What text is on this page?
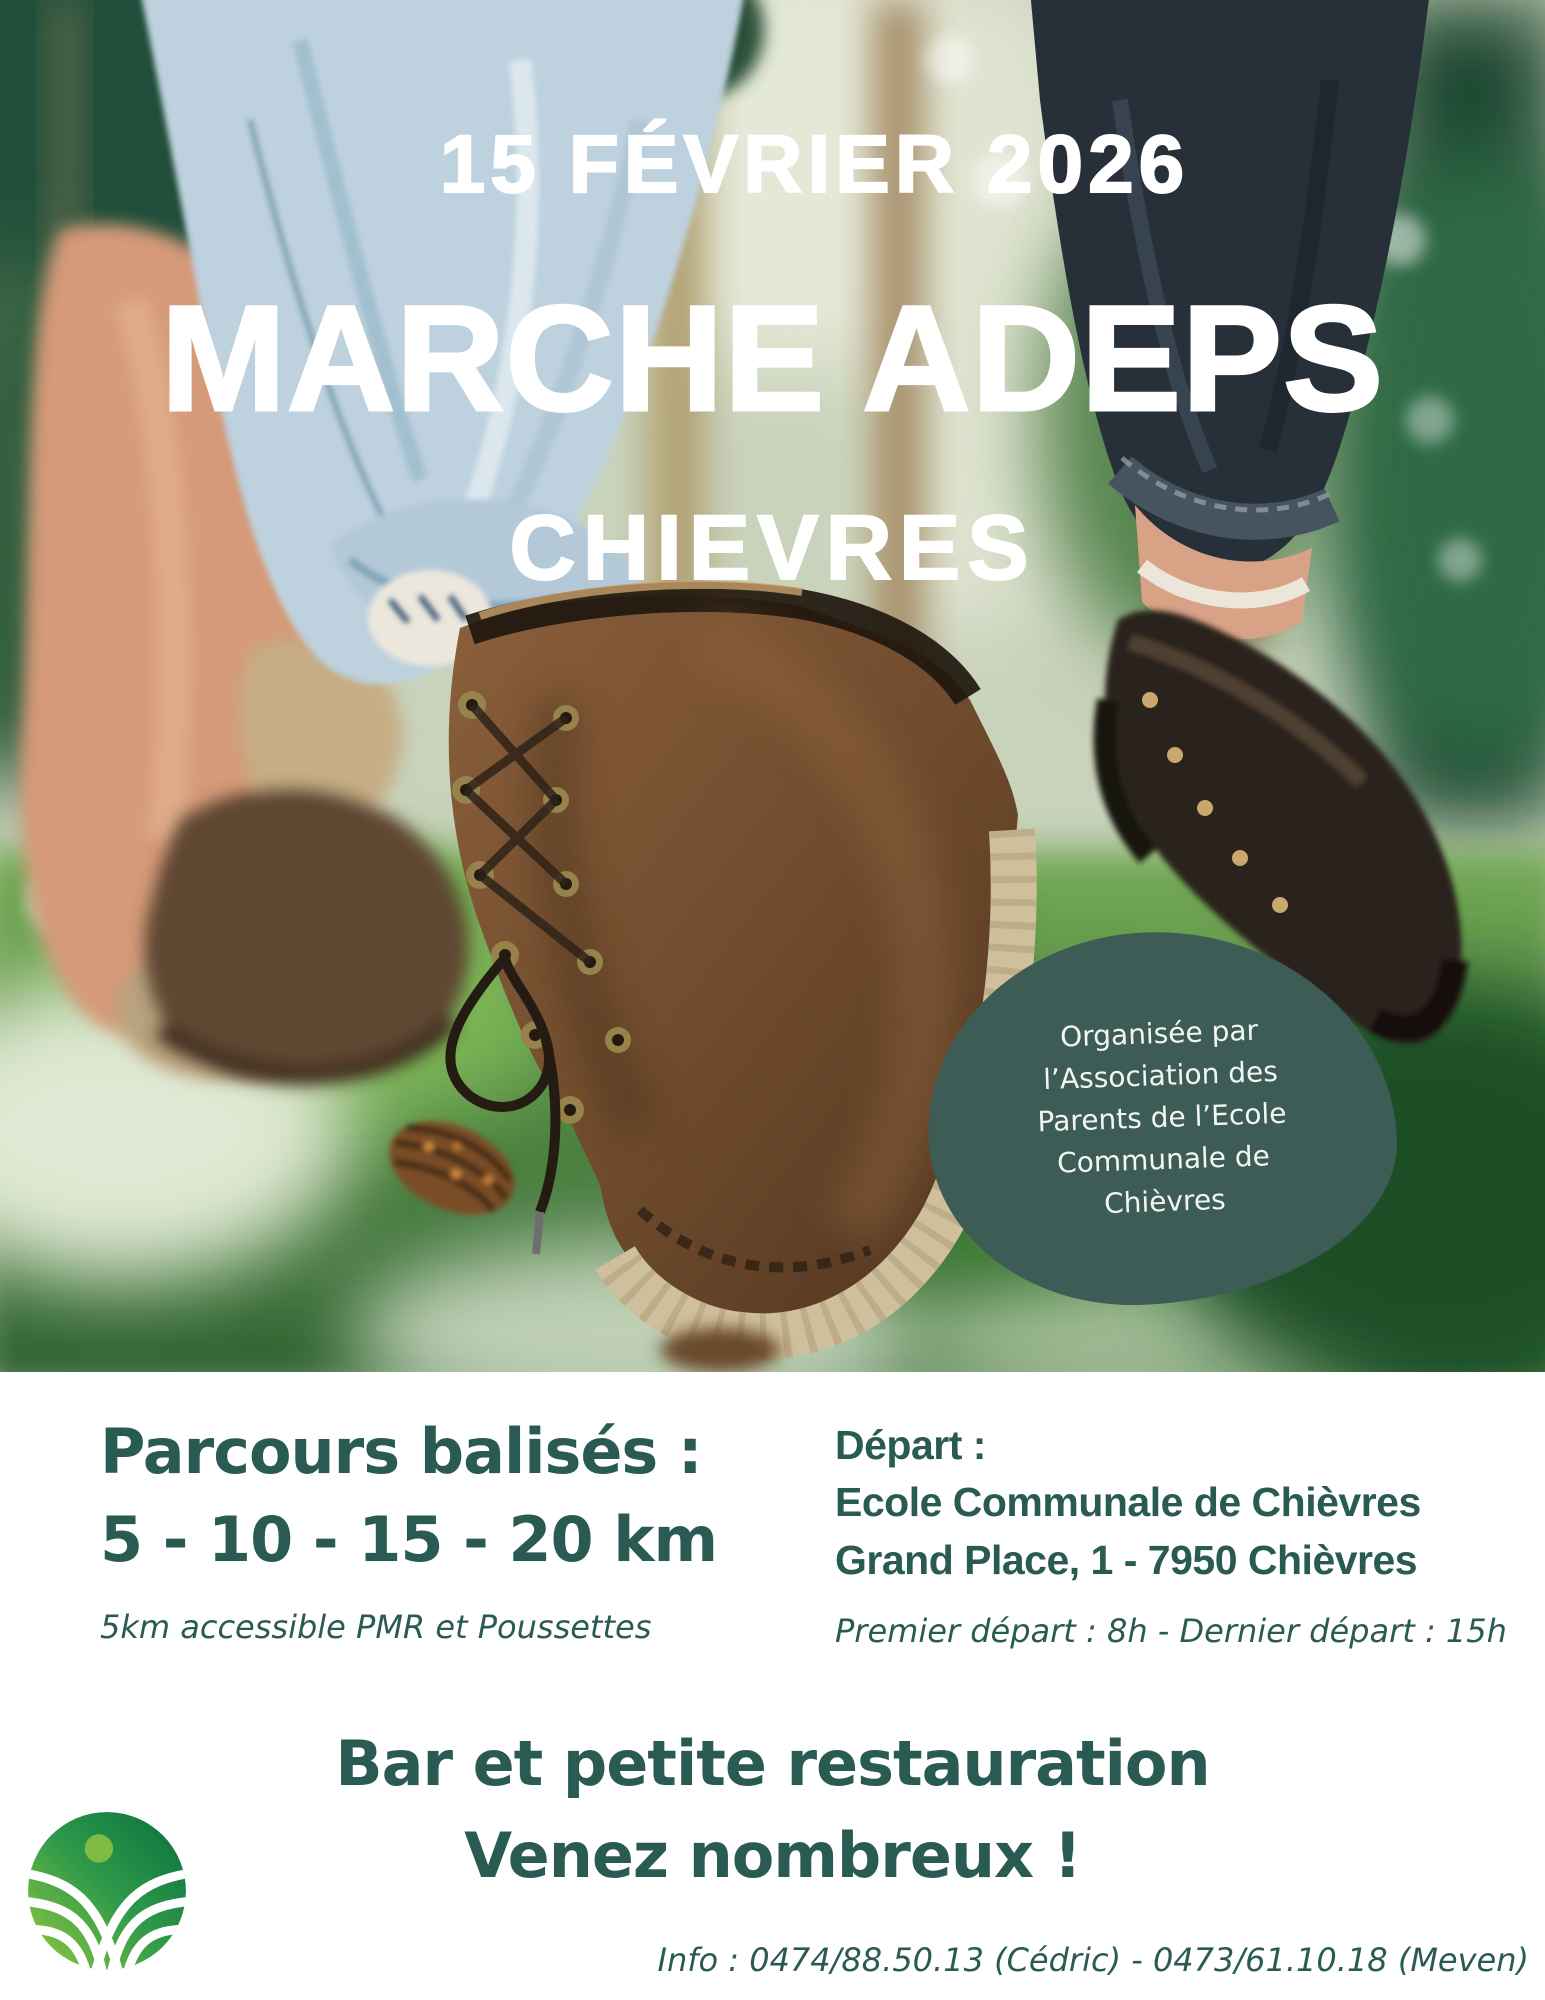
15 FÉVRIER 2026
MARCHE ADEPS
CHIEVRES
Organisée par l’Association des Parents de l’Ecole Communale de Chièvres
Parcours balisés :
5 - 10 - 15 - 20 km
5km accessible PMR et Poussettes
Départ :
Ecole Communale de Chièvres
Grand Place, 1 - 7950 Chièvres
Premier départ : 8h - Dernier départ : 15h
Bar et petite restauration
Venez nombreux !
Info : 0474/88.50.13 (Cédric) - 0473/61.10.18 (Meven)
